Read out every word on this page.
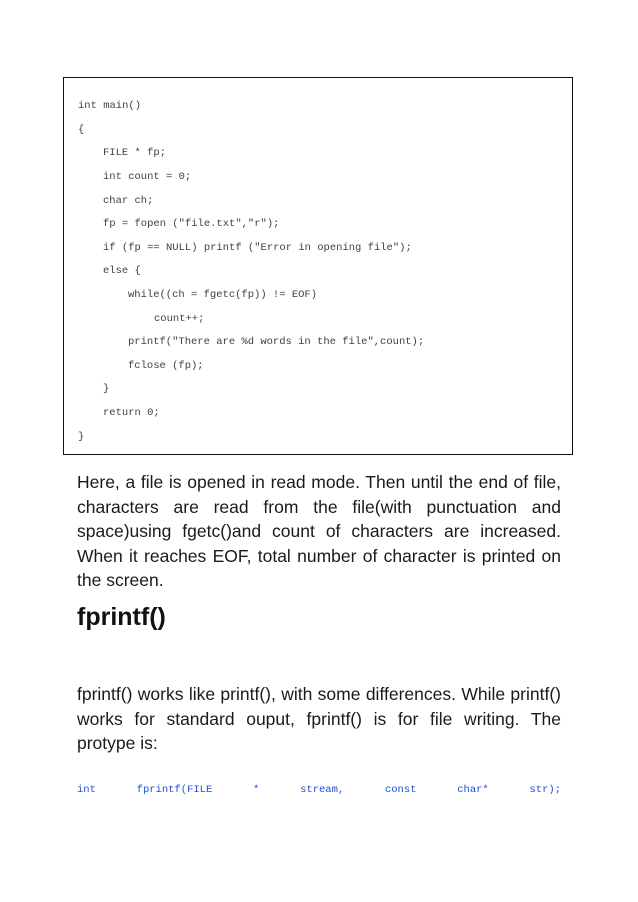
int main()
{
FILE * fp;
int count = 0;
char ch;
fp = fopen ("file.txt","r");
if (fp == NULL) printf ("Error in opening file");
else {
while((ch = fgetc(fp)) != EOF)
count++;
printf("There are %d words in the file",count);
fclose (fp);
}
return 0;
}

Here, a file is opened in read mode. Then until the end of file, characters are read from the file(with punctuation and space)using fgetc()and count of characters are increased. When it reaches EOF, total number of character is printed on the screen.

fprintf()

fprintf() works like printf(), with some differences. While printf() works for standard ouput, fprintf() is for file writing. The protype is:

int	fprintf(FILE	*	stream,	const	char*	str);
